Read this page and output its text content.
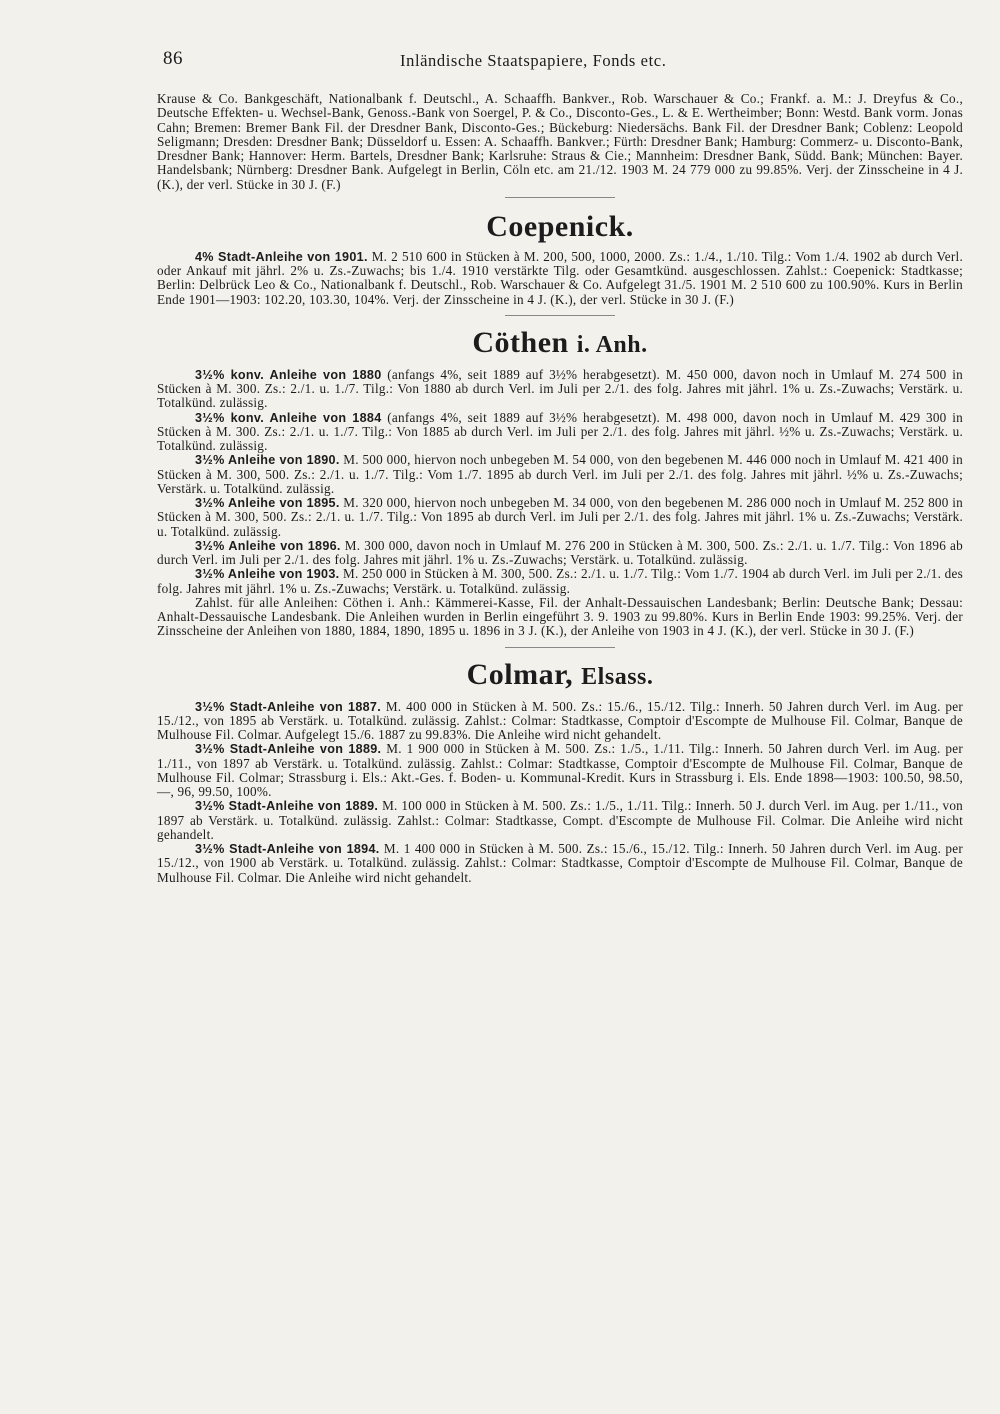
86	Inländische Staatspapiere, Fonds etc.

Krause & Co. Bankgeschäft, Nationalbank f. Deutschl., A. Schaaffh. Bankver., Rob. Warschauer & Co.; Frankf. a. M.: J. Dreyfus & Co., Deutsche Effekten- u. Wechsel-Bank, Genoss.-Bank von Soergel, P. & Co., Disconto-Ges., L. & E. Wertheimber; Bonn: Westd. Bank vorm. Jonas Cahn; Bremen: Bremer Bank Fil. der Dresdner Bank, Disconto-Ges.; Bückeburg: Niedersächs. Bank Fil. der Dresdner Bank; Coblenz: Leopold Seligmann; Dresden: Dresdner Bank; Düsseldorf u. Essen: A. Schaaffh. Bankver.; Fürth: Dresdner Bank; Hamburg: Commerz- u. Disconto-Bank, Dresdner Bank; Hannover: Herm. Bartels, Dresdner Bank; Karlsruhe: Straus & Cie.; Mannheim: Dresdner Bank, Südd. Bank; München: Bayer. Handelsbank; Nürnberg: Dresdner Bank. Aufgelegt in Berlin, Cöln etc. am 21./12. 1903 M. 24 779 000 zu 99.85%. Verj. der Zinsscheine in 4 J. (K.), der verl. Stücke in 30 J. (F.)

Coepenick.

4% Stadt-Anleihe von 1901. M. 2 510 600 in Stücken à M. 200, 500, 1000, 2000. Zs.: 1./4., 1./10. Tilg.: Vom 1./4. 1902 ab durch Verl. oder Ankauf mit jährl. 2% u. Zs.-Zuwachs; bis 1./4. 1910 verstärkte Tilg. oder Gesamtkünd. ausgeschlossen. Zahlst.: Coepenick: Stadtkasse; Berlin: Delbrück Leo & Co., Nationalbank f. Deutschl., Rob. Warschauer & Co. Aufgelegt 31./5. 1901 M. 2 510 600 zu 100.90%. Kurs in Berlin Ende 1901—1903: 102.20, 103.30, 104%. Verj. der Zinsscheine in 4 J. (K.), der verl. Stücke in 30 J. (F.)

Cöthen i. Anh.

3½% konv. Anleihe von 1880 (anfangs 4%, seit 1889 auf 3½% herabgesetzt). M. 450 000, davon noch in Umlauf M. 274 500 in Stücken à M. 300. Zs.: 2./1. u. 1./7. Tilg.: Von 1880 ab durch Verl. im Juli per 2./1. des folg. Jahres mit jährl. 1% u. Zs.-Zuwachs; Verstärk. u. Totalkünd. zulässig.

3½% konv. Anleihe von 1884 (anfangs 4%, seit 1889 auf 3½% herabgesetzt). M. 498 000, davon noch in Umlauf M. 429 300 in Stücken à M. 300. Zs.: 2./1. u. 1./7. Tilg.: Von 1885 ab durch Verl. im Juli per 2./1. des folg. Jahres mit jährl. ½% u. Zs.-Zuwachs; Verstärk. u. Totalkünd. zulässig.

3½% Anleihe von 1890. M. 500 000, hiervon noch unbegeben M. 54 000, von den begebenen M. 446 000 noch in Umlauf M. 421 400 in Stücken à M. 300, 500. Zs.: 2./1. u. 1./7. Tilg.: Vom 1./7. 1895 ab durch Verl. im Juli per 2./1. des folg. Jahres mit jährl. ½% u. Zs.-Zuwachs; Verstärk. u. Totalkünd. zulässig.

3½% Anleihe von 1895. M. 320 000, hiervon noch unbegeben M. 34 000, von den begebenen M. 286 000 noch in Umlauf M. 252 800 in Stücken à M. 300, 500. Zs.: 2./1. u. 1./7. Tilg.: Von 1895 ab durch Verl. im Juli per 2./1. des folg. Jahres mit jährl. 1% u. Zs.-Zuwachs; Verstärk. u. Totalkünd. zulässig.

3½% Anleihe von 1896. M. 300 000, davon noch in Umlauf M. 276 200 in Stücken à M. 300, 500. Zs.: 2./1. u. 1./7. Tilg.: Von 1896 ab durch Verl. im Juli per 2./1. des folg. Jahres mit jährl. 1% u. Zs.-Zuwachs; Verstärk. u. Totalkünd. zulässig.

3½% Anleihe von 1903. M. 250 000 in Stücken à M. 300, 500. Zs.: 2./1. u. 1./7. Tilg.: Vom 1./7. 1904 ab durch Verl. im Juli per 2./1. des folg. Jahres mit jährl. 1% u. Zs.-Zuwachs; Verstärk. u. Totalkünd. zulässig.

Zahlst. für alle Anleihen: Cöthen i. Anh.: Kämmerei-Kasse, Fil. der Anhalt-Dessauischen Landesbank; Berlin: Deutsche Bank; Dessau: Anhalt-Dessauische Landesbank. Die Anleihen wurden in Berlin eingeführt 3. 9. 1903 zu 99.80%. Kurs in Berlin Ende 1903: 99.25%. Verj. der Zinsscheine der Anleihen von 1880, 1884, 1890, 1895 u. 1896 in 3 J. (K.), der Anleihe von 1903 in 4 J. (K.), der verl. Stücke in 30 J. (F.)

Colmar, Elsass.

3½% Stadt-Anleihe von 1887. M. 400 000 in Stücken à M. 500. Zs.: 15./6., 15./12. Tilg.: Innerh. 50 Jahren durch Verl. im Aug. per 15./12., von 1895 ab Verstärk. u. Totalkünd. zulässig. Zahlst.: Colmar: Stadtkasse, Comptoir d'Escompte de Mulhouse Fil. Colmar, Banque de Mulhouse Fil. Colmar. Aufgelegt 15./6. 1887 zu 99.83%. Die Anleihe wird nicht gehandelt.

3½% Stadt-Anleihe von 1889. M. 1 900 000 in Stücken à M. 500. Zs.: 1./5., 1./11. Tilg.: Innerh. 50 Jahren durch Verl. im Aug. per 1./11., von 1897 ab Verstärk. u. Totalkünd. zulässig. Zahlst.: Colmar: Stadtkasse, Comptoir d'Escompte de Mulhouse Fil. Colmar, Banque de Mulhouse Fil. Colmar; Strassburg i. Els.: Akt.-Ges. f. Boden- u. Kommunal-Kredit. Kurs in Strassburg i. Els. Ende 1898—1903: 100.50, 98.50, —, 96, 99.50, 100%.

3½% Stadt-Anleihe von 1889. M. 100 000 in Stücken à M. 500. Zs.: 1./5., 1./11. Tilg.: Innerh. 50 J. durch Verl. im Aug. per 1./11., von 1897 ab Verstärk. u. Totalkünd. zulässig. Zahlst.: Colmar: Stadtkasse, Compt. d'Escompte de Mulhouse Fil. Colmar. Die Anleihe wird nicht gehandelt.

3½% Stadt-Anleihe von 1894. M. 1 400 000 in Stücken à M. 500. Zs.: 15./6., 15./12. Tilg.: Innerh. 50 Jahren durch Verl. im Aug. per 15./12., von 1900 ab Verstärk. u. Totalkünd. zulässig. Zahlst.: Colmar: Stadtkasse, Comptoir d'Escompte de Mulhouse Fil. Colmar, Banque de Mulhouse Fil. Colmar. Die Anleihe wird nicht gehandelt.
